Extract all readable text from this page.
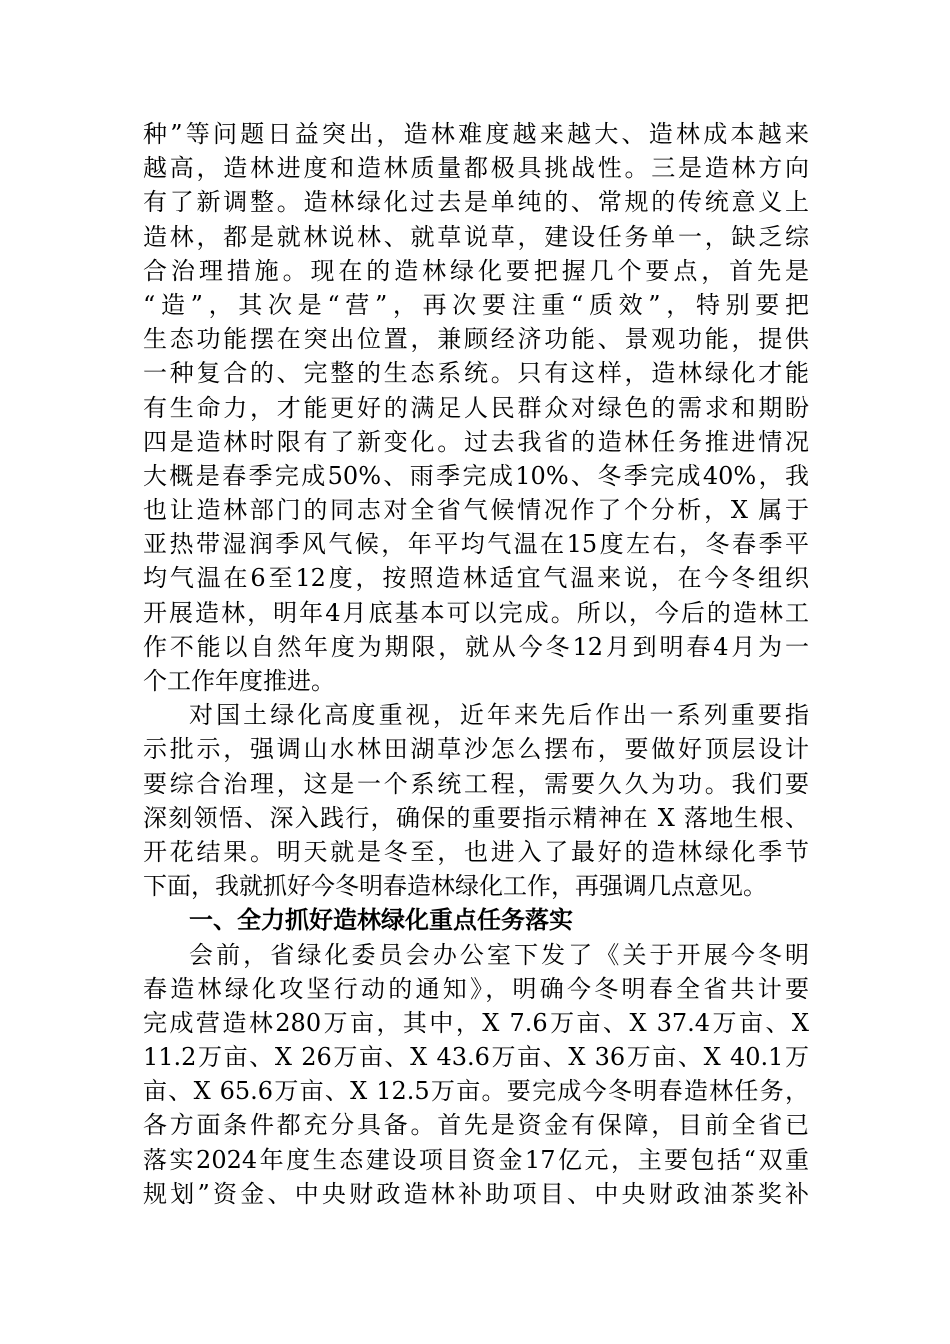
种”等问题日益突出，造林难度越来越大、造林成本越来
越高，造林进度和造林质量都极具挑战性。三是造林方向
有了新调整。造林绿化过去是单纯的、常规的传统意义上
造林，都是就林说林、就草说草，建设任务单一，缺乏综
合治理措施。现在的造林绿化要把握几个要点，首先是
“造”，其次是“营”，再次要注重“质效”，特别要把
生态功能摆在突出位置，兼顾经济功能、景观功能，提供
一种复合的、完整的生态系统。只有这样，造林绿化才能
有生命力，才能更好的满足人民群众对绿色的需求和期盼
四是造林时限有了新变化。过去我省的造林任务推进情况
大概是春季完成50%、雨季完成10%、冬季完成40%，我
也让造林部门的同志对全省气候情况作了个分析，X 属于
亚热带湿润季风气候，年平均气温在15度左右，冬春季平
均气温在6至12度，按照造林适宜气温来说，在今冬组织
开展造林，明年4月底基本可以完成。所以，今后的造林工
作不能以自然年度为期限，就从今冬12月到明春4月为一
个工作年度推进。
对国土绿化高度重视，近年来先后作出一系列重要指
示批示，强调山水林田湖草沙怎么摆布，要做好顶层设计
要综合治理，这是一个系统工程，需要久久为功。我们要
深刻领悟、深入践行，确保的重要指示精神在 X 落地生根、
开花结果。明天就是冬至，也进入了最好的造林绿化季节
下面，我就抓好今冬明春造林绿化工作，再强调几点意见。
一、全力抓好造林绿化重点任务落实
会前，省绿化委员会办公室下发了《关于开展今冬明
春造林绿化攻坚行动的通知》，明确今冬明春全省共计要
完成营造林280万亩，其中，X 7.6万亩、X 37.4万亩、X
11.2万亩、X 26万亩、X 43.6万亩、X 36万亩、X 40.1万
亩、X 65.6万亩、X 12.5万亩。要完成今冬明春造林任务，
各方面条件都充分具备。首先是资金有保障，目前全省已
落实2024年度生态建设项目资金17亿元，主要包括“双重
规划”资金、中央财政造林补助项目、中央财政油茶奖补
